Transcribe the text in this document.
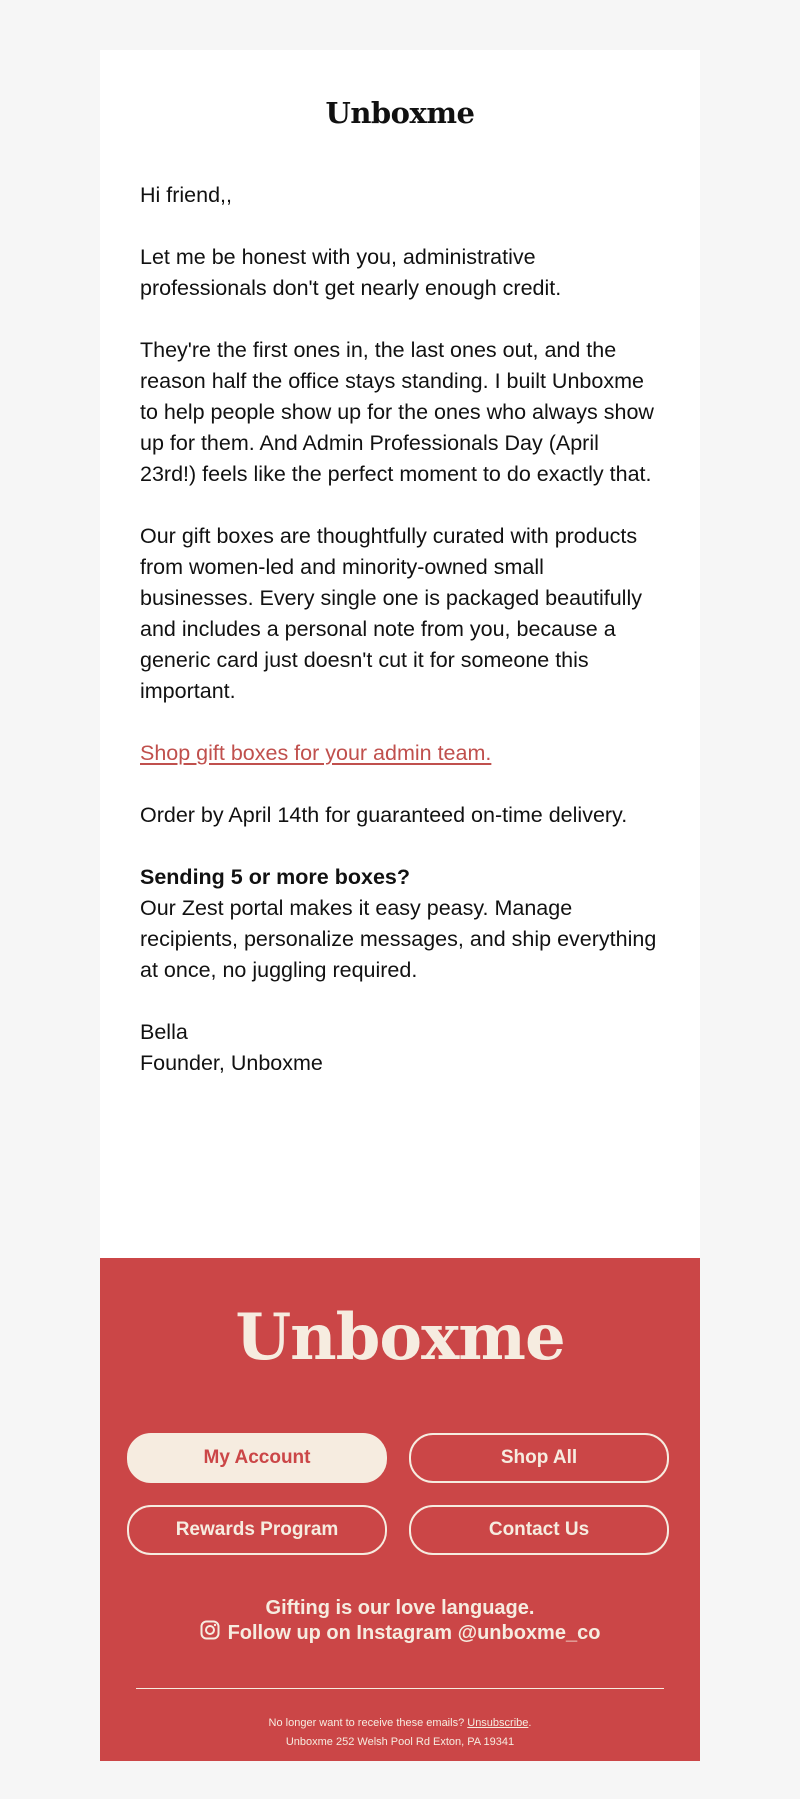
Unboxme

Hi friend,,

Let me be honest with you, administrative professionals don't get nearly enough credit.

They're the first ones in, the last ones out, and the reason half the office stays standing. I built Unboxme to help people show up for the ones who always show up for them. And Admin Professionals Day (April 23rd!) feels like the perfect moment to do exactly that.

Our gift boxes are thoughtfully curated with products from women-led and minority-owned small businesses. Every single one is packaged beautifully and includes a personal note from you, because a generic card just doesn't cut it for someone this important.

Shop gift boxes for your admin team.

Order by April 14th for guaranteed on-time delivery.

Sending 5 or more boxes?
Our Zest portal makes it easy peasy. Manage recipients, personalize messages, and ship everything at once, no juggling required.

Bella
Founder, Unboxme

Unboxme
My Account	Shop All
Rewards Program	Contact Us
Gifting is our love language.
Follow up on Instagram @unboxme_co
No longer want to receive these emails? Unsubscribe.
Unboxme 252 Welsh Pool Rd Exton, PA 19341
